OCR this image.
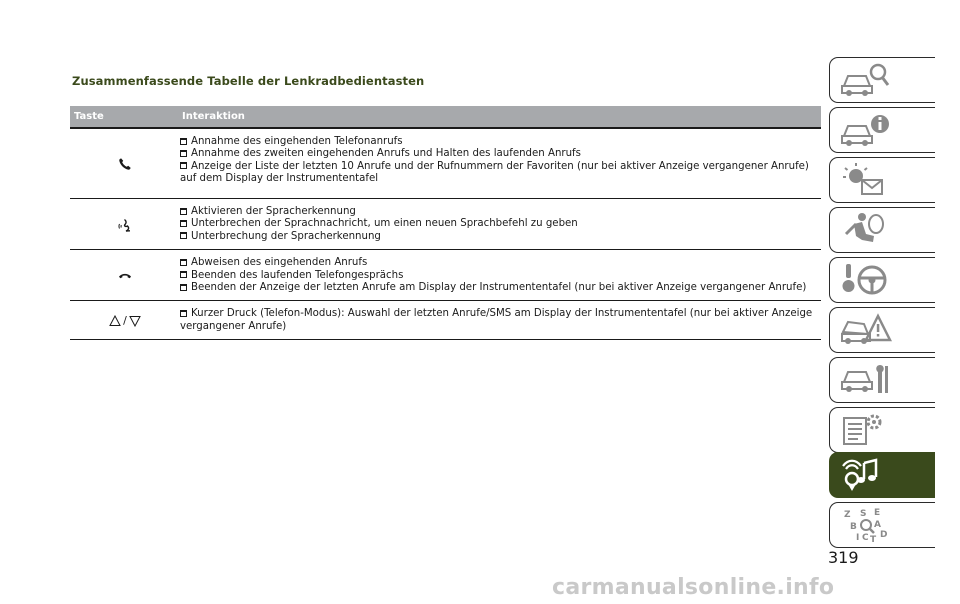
Zusammenfassende Tabelle der Lenkradbedientasten
Taste	Interaktion
Annahme des eingehenden Telefonanrufs
Annahme des zweiten eingehenden Anrufs und Halten des laufenden Anrufs
Anzeige der Liste der letzten 10 Anrufe und der Rufnummern der Favoriten (nur bei aktiver Anzeige vergangener Anrufe) auf dem Display der Instrumententafel
Aktivieren der Spracherkennung
Unterbrechen der Sprachnachricht, um einen neuen Sprachbefehl zu geben
Unterbrechung der Spracherkennung
Abweisen des eingehenden Anrufs
Beenden des laufenden Telefongesprächs
Beenden der Anzeige der letzten Anrufe am Display der Instrumententafel (nur bei aktiver Anzeige vergangener Anrufe)
/
Kurzer Druck (Telefon-Modus): Auswahl der letzten Anrufe/SMS am Display der Instrumententafel (nur bei aktiver Anzeige vergangener Anrufe)
Z S E
B A
I C T D
319
carmanualsonline.info
